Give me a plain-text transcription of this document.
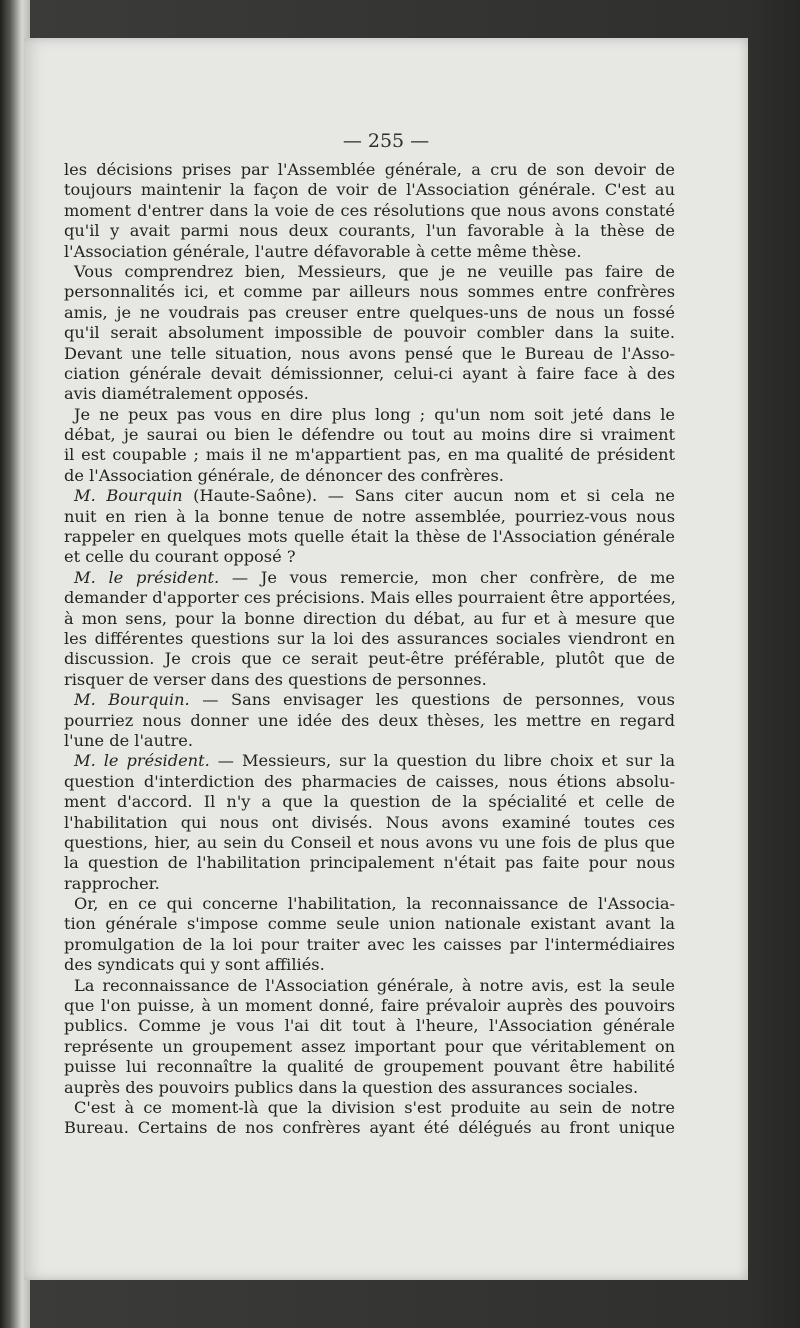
— 255 —
les décisions prises par l'Assemblée générale, a cru de son devoir de
toujours maintenir la façon de voir de l'Association générale. C'est au
moment d'entrer dans la voie de ces résolutions que nous avons constaté
qu'il y avait parmi nous deux courants, l'un favorable à la thèse de
l'Association générale, l'autre défavorable à cette même thèse.
Vous comprendrez bien, Messieurs, que je ne veuille pas faire de
personnalités ici, et comme par ailleurs nous sommes entre confrères
amis, je ne voudrais pas creuser entre quelques-uns de nous un fossé
qu'il serait absolument impossible de pouvoir combler dans la suite.
Devant une telle situation, nous avons pensé que le Bureau de l'Asso-
ciation générale devait démissionner, celui-ci ayant à faire face à des
avis diamétralement opposés.
Je ne peux pas vous en dire plus long ; qu'un nom soit jeté dans le
débat, je saurai ou bien le défendre ou tout au moins dire si vraiment
il est coupable ; mais il ne m'appartient pas, en ma qualité de président
de l'Association générale, de dénoncer des confrères.
M. Bourquin (Haute-Saône). — Sans citer aucun nom et si cela ne
nuit en rien à la bonne tenue de notre assemblée, pourriez-vous nous
rappeler en quelques mots quelle était la thèse de l'Association générale
et celle du courant opposé ?
M. le président. — Je vous remercie, mon cher confrère, de me
demander d'apporter ces précisions. Mais elles pourraient être apportées,
à mon sens, pour la bonne direction du débat, au fur et à mesure que
les différentes questions sur la loi des assurances sociales viendront en
discussion. Je crois que ce serait peut-être préférable, plutôt que de
risquer de verser dans des questions de personnes.
M. Bourquin. — Sans envisager les questions de personnes, vous
pourriez nous donner une idée des deux thèses, les mettre en regard
l'une de l'autre.
M. le président. — Messieurs, sur la question du libre choix et sur la
question d'interdiction des pharmacies de caisses, nous étions absolu-
ment d'accord. Il n'y a que la question de la spécialité et celle de
l'habilitation qui nous ont divisés. Nous avons examiné toutes ces
questions, hier, au sein du Conseil et nous avons vu une fois de plus que
la question de l'habilitation principalement n'était pas faite pour nous
rapprocher.
Or, en ce qui concerne l'habilitation, la reconnaissance de l'Associa-
tion générale s'impose comme seule union nationale existant avant la
promulgation de la loi pour traiter avec les caisses par l'intermédiaires
des syndicats qui y sont affiliés.
La reconnaissance de l'Association générale, à notre avis, est la seule
que l'on puisse, à un moment donné, faire prévaloir auprès des pouvoirs
publics. Comme je vous l'ai dit tout à l'heure, l'Association générale
représente un groupement assez important pour que véritablement on
puisse lui reconnaître la qualité de groupement pouvant être habilité
auprès des pouvoirs publics dans la question des assurances sociales.
C'est à ce moment-là que la division s'est produite au sein de notre
Bureau. Certains de nos confrères ayant été délégués au front unique
